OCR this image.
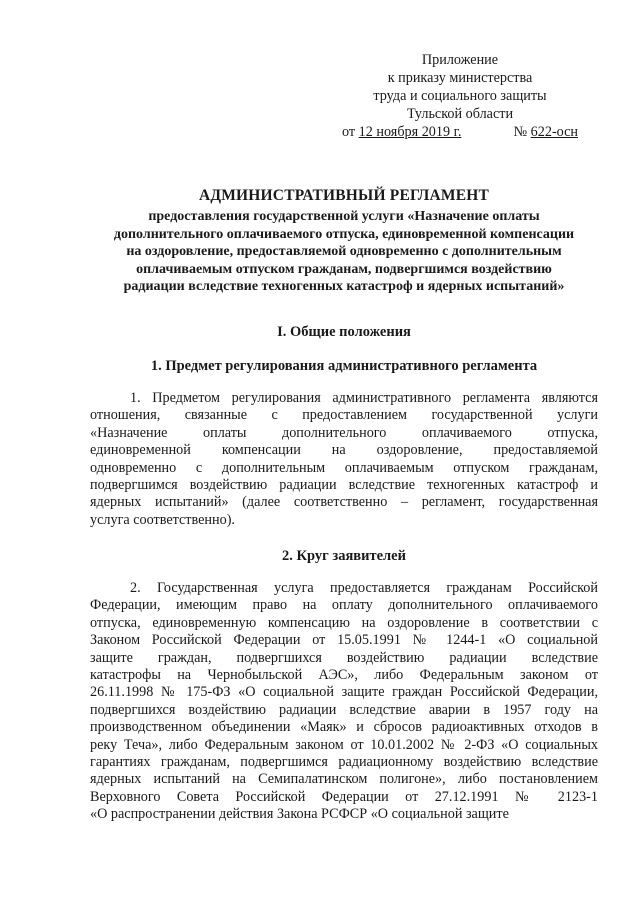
Приложение
к приказу министерства
труда и социального защиты
Тульской области
от 12 ноября 2019 г.	№ 622-осн
АДМИНИСТРАТИВНЫЙ РЕГЛАМЕНТ
предоставления государственной услуги «Назначение оплаты
дополнительного оплачиваемого отпуска, единовременной компенсации
на оздоровление, предоставляемой одновременно с дополнительным
оплачиваемым отпуском гражданам, подвергшимся воздействию
радиации вследствие техногенных катастроф и ядерных испытаний»
I. Общие положения
1. Предмет регулирования административного регламента
1. Предметом регулирования административного регламента являются
отношения, связанные с предоставлением государственной услуги
«Назначение оплаты дополнительного оплачиваемого отпуска,
единовременной компенсации на оздоровление, предоставляемой
одновременно с дополнительным оплачиваемым отпуском гражданам,
подвергшимся воздействию радиации вследствие техногенных катастроф и
ядерных испытаний» (далее соответственно – регламент, государственная
услуга соответственно).
2. Круг заявителей
2. Государственная услуга предоставляется гражданам Российской
Федерации, имеющим право на оплату дополнительного оплачиваемого
отпуска, единовременную компенсацию на оздоровление в соответствии с
Законом Российской Федерации от 15.05.1991 № 1244-1 «О социальной
защите граждан, подвергшихся воздействию радиации вследствие
катастрофы на Чернобыльской АЭС», либо Федеральным законом от
26.11.1998 № 175-ФЗ «О социальной защите граждан Российской Федерации,
подвергшихся воздействию радиации вследствие аварии в 1957 году на
производственном объединении «Маяк» и сбросов радиоактивных отходов в
реку Теча», либо Федеральным законом от 10.01.2002 № 2-ФЗ «О социальных
гарантиях гражданам, подвергшимся радиационному воздействию вследствие
ядерных испытаний на Семипалатинском полигоне», либо постановлением
Верховного Совета Российской Федерации от 27.12.1991 № 2123-1
«О распространении действия Закона РСФСР «О социальной защите
